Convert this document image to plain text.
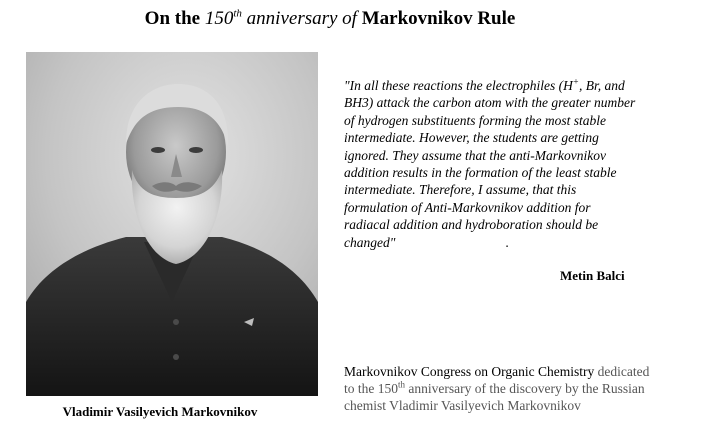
On the 150th anniversary of Markovnikov Rule
Vladimir Vasilyevich Markovnikov
"In all these reactions the electrophiles (H+, Br, and
BH3) attack the carbon atom with the greater number
of hydrogen substituents forming the most stable
intermediate. However, the students are getting
ignored. They assume that the anti-Markovnikov
addition results in the formation of the least stable
intermediate. Therefore, I assume, that this
formulation of Anti-Markovnikov addition for
radiacal addition and hydroboration should be
changed"	.
Metin Balci
Markovnikov Congress on Organic Chemistry dedicated
to the 150th anniversary of the discovery by the Russian
chemist Vladimir Vasilyevich Markovnikov
